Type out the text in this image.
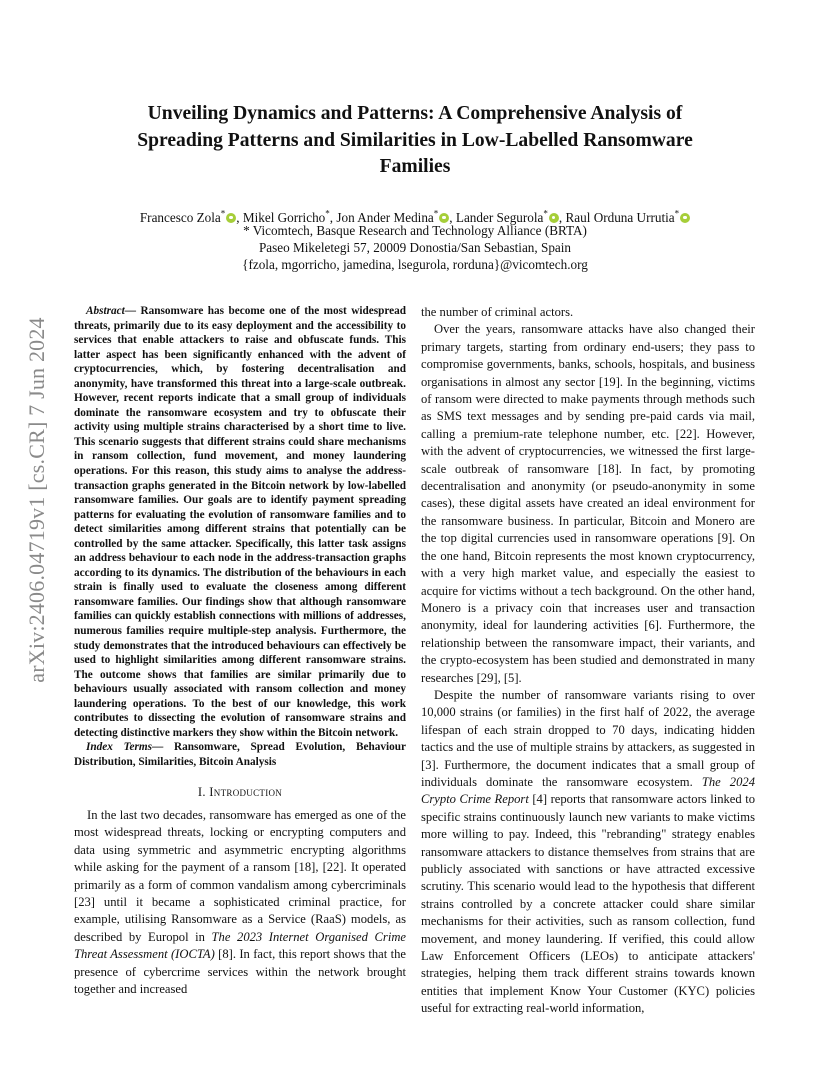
arXiv:2406.04719v1 [cs.CR] 7 Jun 2024
Unveiling Dynamics and Patterns: A Comprehensive Analysis of
Spreading Patterns and Similarities in Low-Labelled Ransomware
Families
Francesco Zola* , Mikel Gorricho*, Jon Ander Medina* , Lander Segurola* , Raul Orduna Urrutia*
* Vicomtech, Basque Research and Technology Alliance (BRTA)
Paseo Mikeletegi 57, 20009 Donostia/San Sebastian, Spain
{fzola, mgorricho, jamedina, lsegurola, rorduna}@vicomtech.org

Abstract— Ransomware has become one of the most widespread threats, primarily due to its easy deployment and the accessibility to services that enable attackers to raise and obfuscate funds. This latter aspect has been significantly enhanced with the advent of cryptocurrencies, which, by fostering decentralisation and anonymity, have transformed this threat into a large-scale outbreak. However, recent reports indicate that a small group of individuals dominate the ransomware ecosystem and try to obfuscate their activity using multiple strains characterised by a short time to live. This scenario suggests that different strains could share mechanisms in ransom collection, fund movement, and money laundering operations. For this reason, this study aims to analyse the address-transaction graphs generated in the Bitcoin network by low-labelled ransomware families. Our goals are to identify payment spreading patterns for evaluating the evolution of ransomware families and to detect similarities among different strains that potentially can be controlled by the same attacker. Specifically, this latter task assigns an address behaviour to each node in the address-transaction graphs according to its dynamics. The distribution of the behaviours in each strain is finally used to evaluate the closeness among different ransomware families. Our findings show that although ransomware families can quickly establish connections with millions of addresses, numerous families require multiple-step analysis. Furthermore, the study demonstrates that the introduced behaviours can effectively be used to highlight similarities among different ransomware strains. The outcome shows that families are similar primarily due to behaviours usually associated with ransom collection and money laundering operations. To the best of our knowledge, this work contributes to dissecting the evolution of ransomware strains and detecting distinctive markers they show within the Bitcoin network.

Index Terms— Ransomware, Spread Evolution, Behaviour Distribution, Similarities, Bitcoin Analysis

I. Introduction

In the last two decades, ransomware has emerged as one of the most widespread threats, locking or encrypting computers and data using symmetric and asymmetric encrypting algorithms while asking for the payment of a ransom [18], [22]. It operated primarily as a form of common vandalism among cybercriminals [23] until it became a sophisticated criminal practice, for example, utilising Ransomware as a Service (RaaS) models, as described by Europol in The 2023 Internet Organised Crime Threat Assessment (IOCTA) [8]. In fact, this report shows that the presence of cybercrime services within the network brought together and increased

the number of criminal actors.

Over the years, ransomware attacks have also changed their primary targets, starting from ordinary end-users; they pass to compromise governments, banks, schools, hospitals, and business organisations in almost any sector [19]. In the beginning, victims of ransom were directed to make payments through methods such as SMS text messages and by sending pre-paid cards via mail, calling a premium-rate telephone number, etc. [22]. However, with the advent of cryptocurrencies, we witnessed the first large-scale outbreak of ransomware [18]. In fact, by promoting decentralisation and anonymity (or pseudo-anonymity in some cases), these digital assets have created an ideal environment for the ransomware business. In particular, Bitcoin and Monero are the top digital currencies used in ransomware operations [9]. On the one hand, Bitcoin represents the most known cryptocurrency, with a very high market value, and especially the easiest to acquire for victims without a tech background. On the other hand, Monero is a privacy coin that increases user and transaction anonymity, ideal for laundering activities [6]. Furthermore, the relationship between the ransomware impact, their variants, and the crypto-ecosystem has been studied and demonstrated in many researches [29], [5].

Despite the number of ransomware variants rising to over 10,000 strains (or families) in the first half of 2022, the average lifespan of each strain dropped to 70 days, indicating hidden tactics and the use of multiple strains by attackers, as suggested in [3]. Furthermore, the document indicates that a small group of individuals dominate the ransomware ecosystem. The 2024 Crypto Crime Report [4] reports that ransomware actors linked to specific strains continuously launch new variants to make victims more willing to pay. Indeed, this "rebranding" strategy enables ransomware attackers to distance themselves from strains that are publicly associated with sanctions or have attracted excessive scrutiny. This scenario would lead to the hypothesis that different strains controlled by a concrete attacker could share similar mechanisms for their activities, such as ransom collection, fund movement, and money laundering. If verified, this could allow Law Enforcement Officers (LEOs) to anticipate attackers' strategies, helping them track different strains towards known entities that implement Know Your Customer (KYC) policies useful for extracting real-world information,
